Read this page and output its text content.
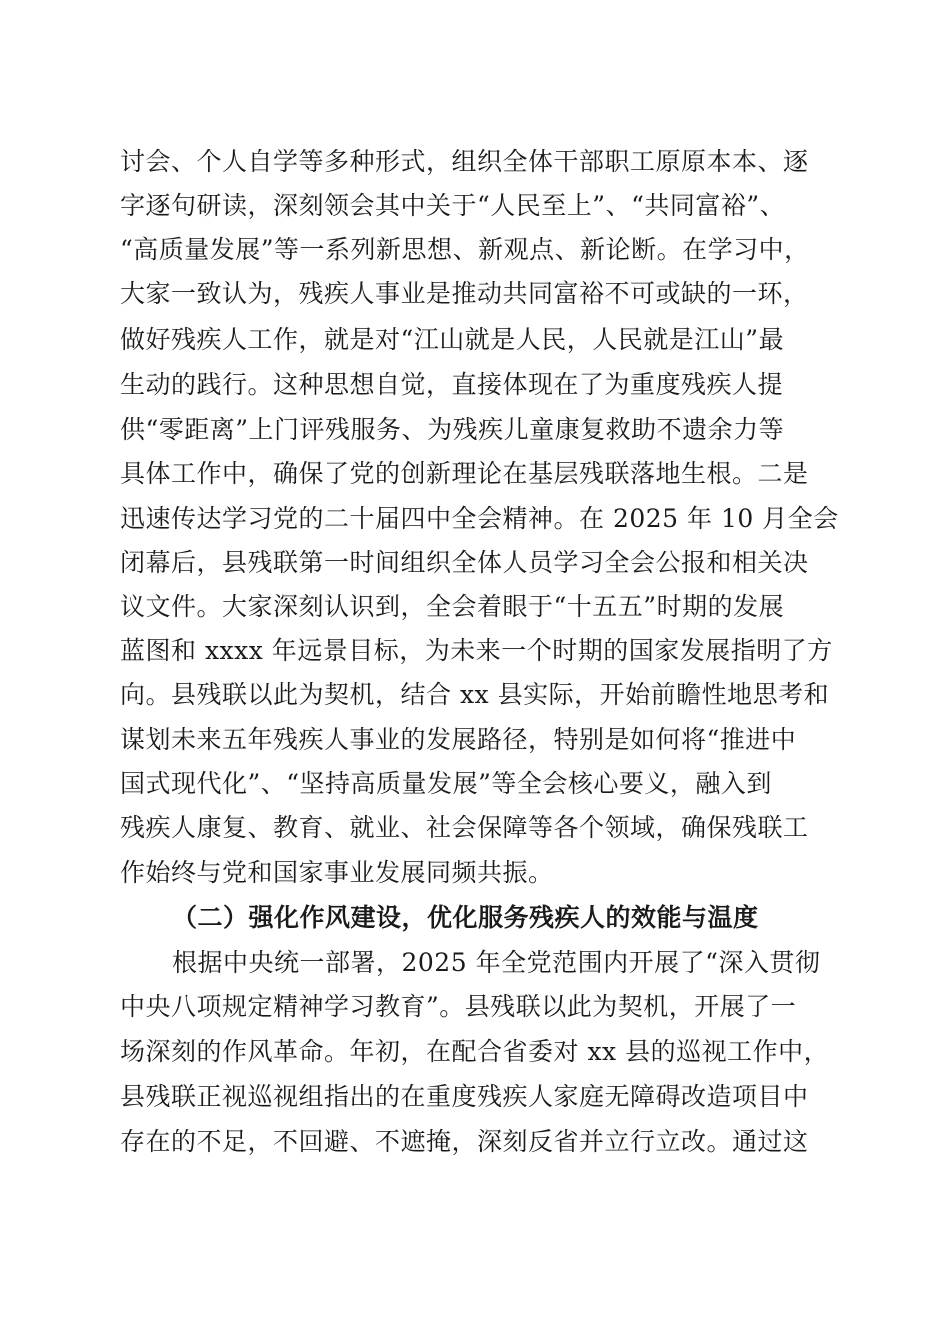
讨会、个人自学等多种形式，组织全体干部职工原原本本、逐
字逐句研读，深刻领会其中关于“人民至上”、“共同富裕”、
“高质量发展”等一系列新思想、新观点、新论断。在学习中，
大家一致认为，残疾人事业是推动共同富裕不可或缺的一环，
做好残疾人工作，就是对“江山就是人民，人民就是江山”最
生动的践行。这种思想自觉，直接体现在了为重度残疾人提
供“零距离”上门评残服务、为残疾儿童康复救助不遗余力等
具体工作中，确保了党的创新理论在基层残联落地生根。二是
迅速传达学习党的二十届四中全会精神。在 2025 年 10 月全会
闭幕后，县残联第一时间组织全体人员学习全会公报和相关决
议文件。大家深刻认识到，全会着眼于“十五五”时期的发展
蓝图和 xxxx 年远景目标，为未来一个时期的国家发展指明了方
向。县残联以此为契机，结合 xx 县实际，开始前瞻性地思考和
谋划未来五年残疾人事业的发展路径，特别是如何将“推进中
国式现代化”、“坚持高质量发展”等全会核心要义，融入到
残疾人康复、教育、就业、社会保障等各个领域，确保残联工
作始终与党和国家事业发展同频共振。
（二）强化作风建设，优化服务残疾人的效能与温度
根据中央统一部署，2025 年全党范围内开展了“深入贯彻
中央八项规定精神学习教育”。县残联以此为契机，开展了一
场深刻的作风革命。年初，在配合省委对 xx 县的巡视工作中，
县残联正视巡视组指出的在重度残疾人家庭无障碍改造项目中
存在的不足，不回避、不遮掩，深刻反省并立行立改。通过这
